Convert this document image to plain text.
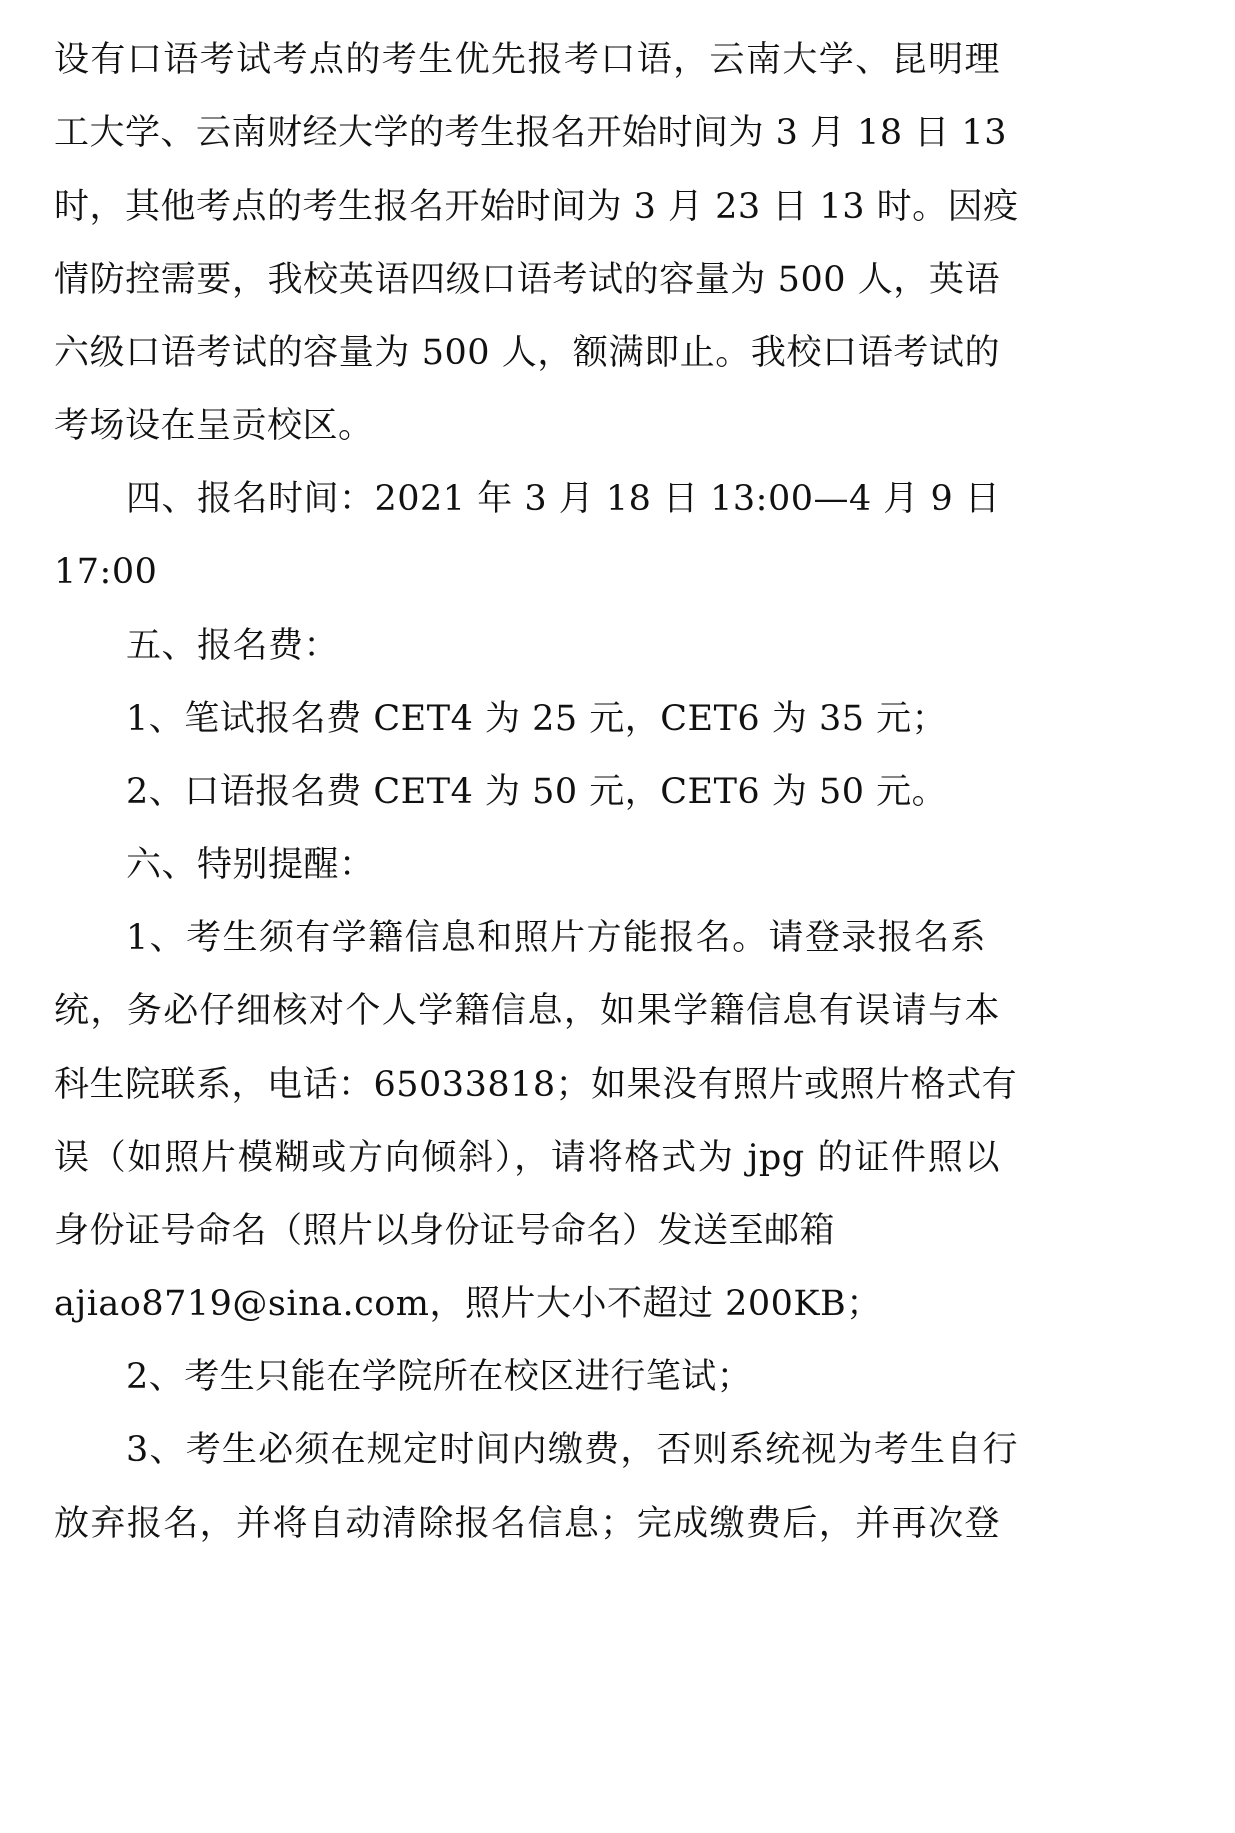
设有口语考试考点的考生优先报考口语，云南大学、昆明理
工大学、云南财经大学的考生报名开始时间为 3 月 18 日 13
时，其他考点的考生报名开始时间为 3 月 23 日 13 时。因疫
情防控需要，我校英语四级口语考试的容量为 500 人，英语
六级口语考试的容量为 500 人，额满即止。我校口语考试的
考场设在呈贡校区。
四、报名时间：2021 年 3 月 18 日 13:00—4 月 9 日
17:00
五、报名费：
1、笔试报名费 CET4 为 25 元，CET6 为 35 元；
2、口语报名费 CET4 为 50 元，CET6 为 50 元。
六、特别提醒：
1、考生须有学籍信息和照片方能报名。请登录报名系
统，务必仔细核对个人学籍信息，如果学籍信息有误请与本
科生院联系，电话：65033818；如果没有照片或照片格式有
误（如照片模糊或方向倾斜），请将格式为 jpg 的证件照以
身份证号命名（照片以身份证号命名）发送至邮箱
ajiao8719@sina.com，照片大小不超过 200KB；
2、考生只能在学院所在校区进行笔试；
3、考生必须在规定时间内缴费，否则系统视为考生自行
放弃报名，并将自动清除报名信息；完成缴费后，并再次登
